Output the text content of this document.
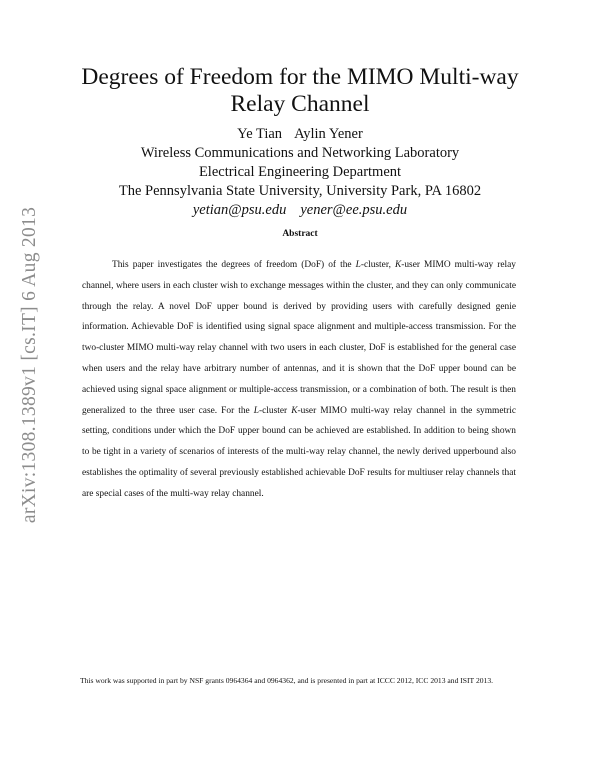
arXiv:1308.1389v1 [cs.IT] 6 Aug 2013
Degrees of Freedom for the MIMO Multi-way Relay Channel
Ye Tian Aylin Yener
Wireless Communications and Networking Laboratory
Electrical Engineering Department
The Pennsylvania State University, University Park, PA 16802
yetian@psu.edu yener@ee.psu.edu
Abstract

This paper investigates the degrees of freedom (DoF) of the L-cluster, K-user MIMO multi-way relay channel, where users in each cluster wish to exchange messages within the cluster, and they can only communicate through the relay. A novel DoF upper bound is derived by providing users with carefully designed genie information. Achievable DoF is identified using signal space alignment and multiple-access transmission. For the two-cluster MIMO multi-way relay channel with two users in each cluster, DoF is established for the general case when users and the relay have arbitrary number of antennas, and it is shown that the DoF upper bound can be achieved using signal space alignment or multiple-access transmission, or a combination of both. The result is then generalized to the three user case. For the L-cluster K-user MIMO multi-way relay channel in the symmetric setting, conditions under which the DoF upper bound can be achieved are established. In addition to being shown to be tight in a variety of scenarios of interests of the multi-way relay channel, the newly derived upperbound also establishes the optimality of several previously established achievable DoF results for multiuser relay channels that are special cases of the multi-way relay channel.

This work was supported in part by NSF grants 0964364 and 0964362, and is presented in part at ICCC 2012, ICC 2013 and ISIT 2013.
